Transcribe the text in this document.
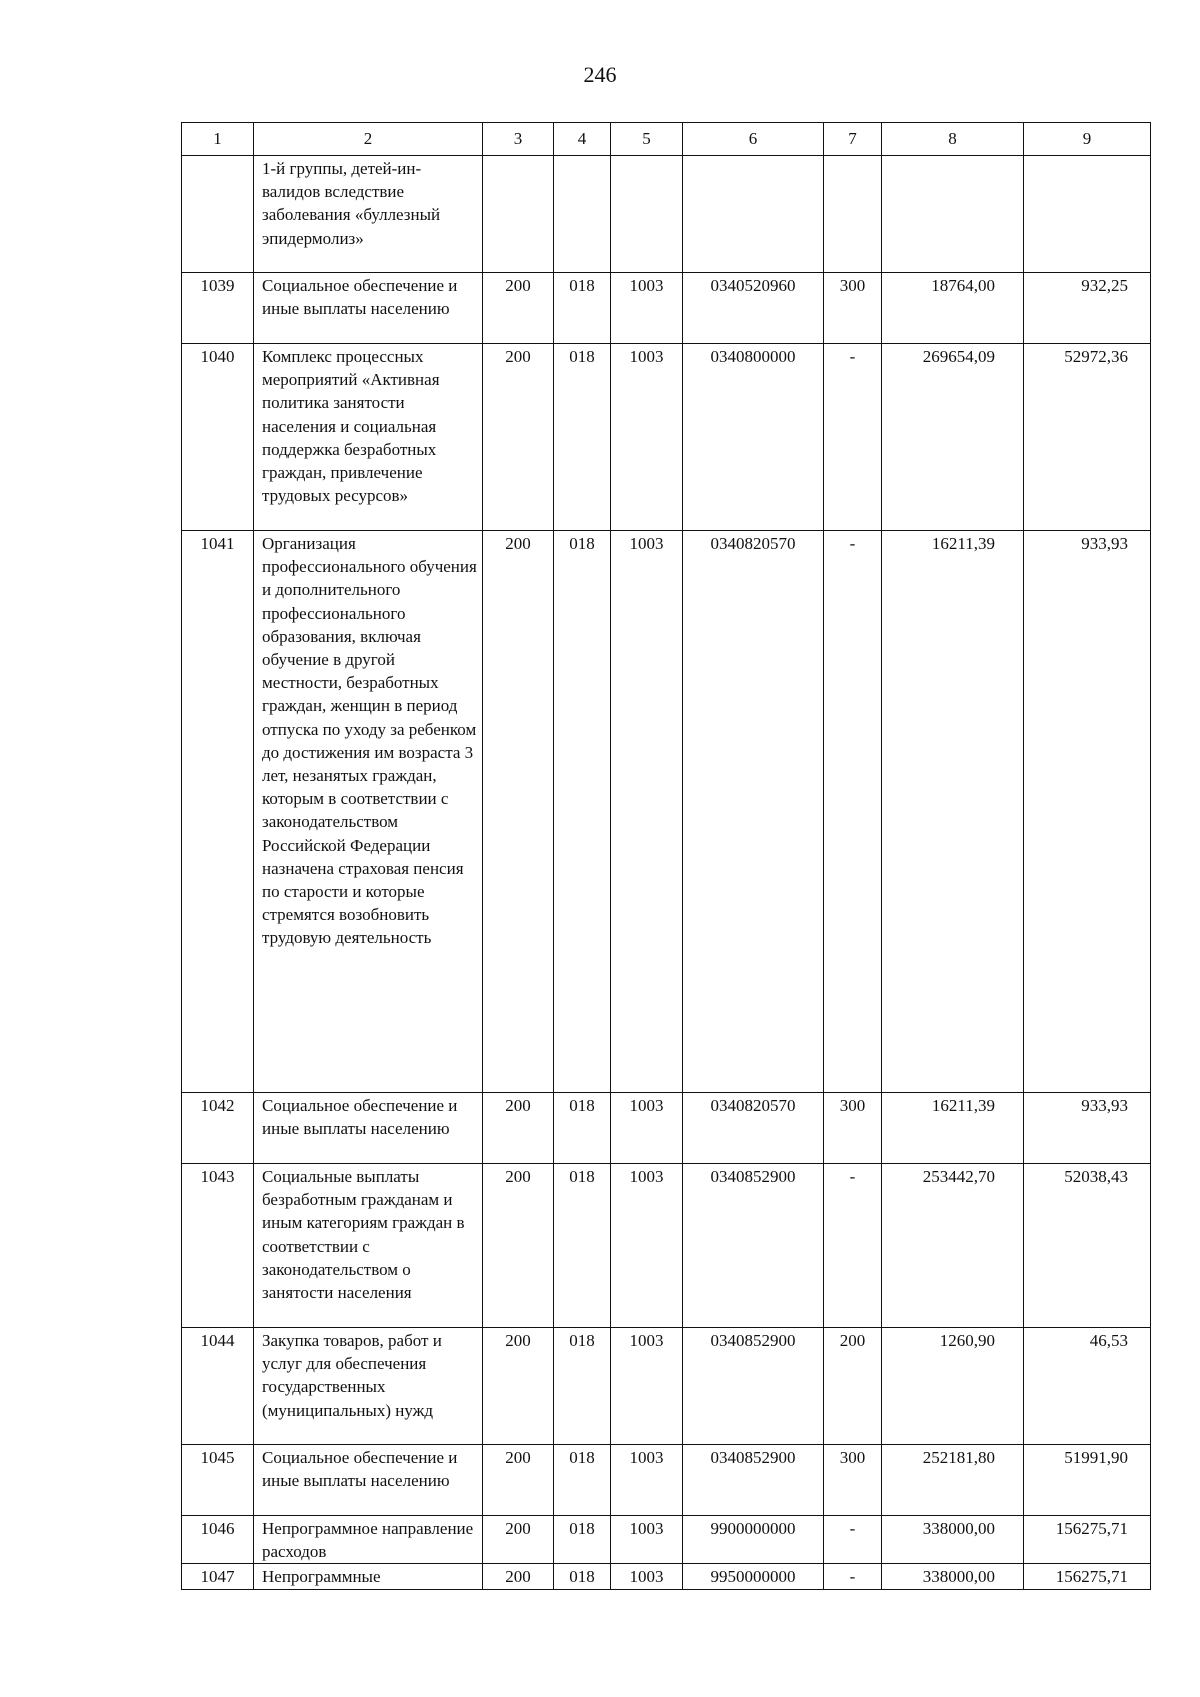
246
1	2	3	4	5	6	7	8	9
	1-й группы, детей-ин-валидов вследствие заболевания «буллезный эпидермолиз»							
1039	Социальное обеспечение и иные выплаты населению	200	018	1003	0340520960	300	18764,00	932,25
1040	Комплекс процессных мероприятий «Активная политика занятости населения и социальная поддержка безработных граждан, привлечение трудовых ресурсов»	200	018	1003	0340800000	-	269654,09	52972,36
1041	Организация профессионального обучения и дополнительного профессионального образования, включая обучение в другой местности, безработных граждан, женщин в период отпуска по уходу за ребенком до достижения им возраста 3 лет, незанятых граждан, которым в соответствии с законодательством Российской Федерации назначена страховая пенсия по старости и которые стремятся возобновить трудовую деятельность	200	018	1003	0340820570	-	16211,39	933,93
1042	Социальное обеспечение и иные выплаты населению	200	018	1003	0340820570	300	16211,39	933,93
1043	Социальные выплаты безработным гражданам и иным категориям граждан в соответствии с законодательством о занятости населения	200	018	1003	0340852900	-	253442,70	52038,43
1044	Закупка товаров, работ и услуг для обеспечения государственных (муниципальных) нужд	200	018	1003	0340852900	200	1260,90	46,53
1045	Социальное обеспечение и иные выплаты населению	200	018	1003	0340852900	300	252181,80	51991,90
1046	Непрограммное направление расходов	200	018	1003	9900000000	-	338000,00	156275,71
1047	Непрограммные	200	018	1003	9950000000	-	338000,00	156275,71
